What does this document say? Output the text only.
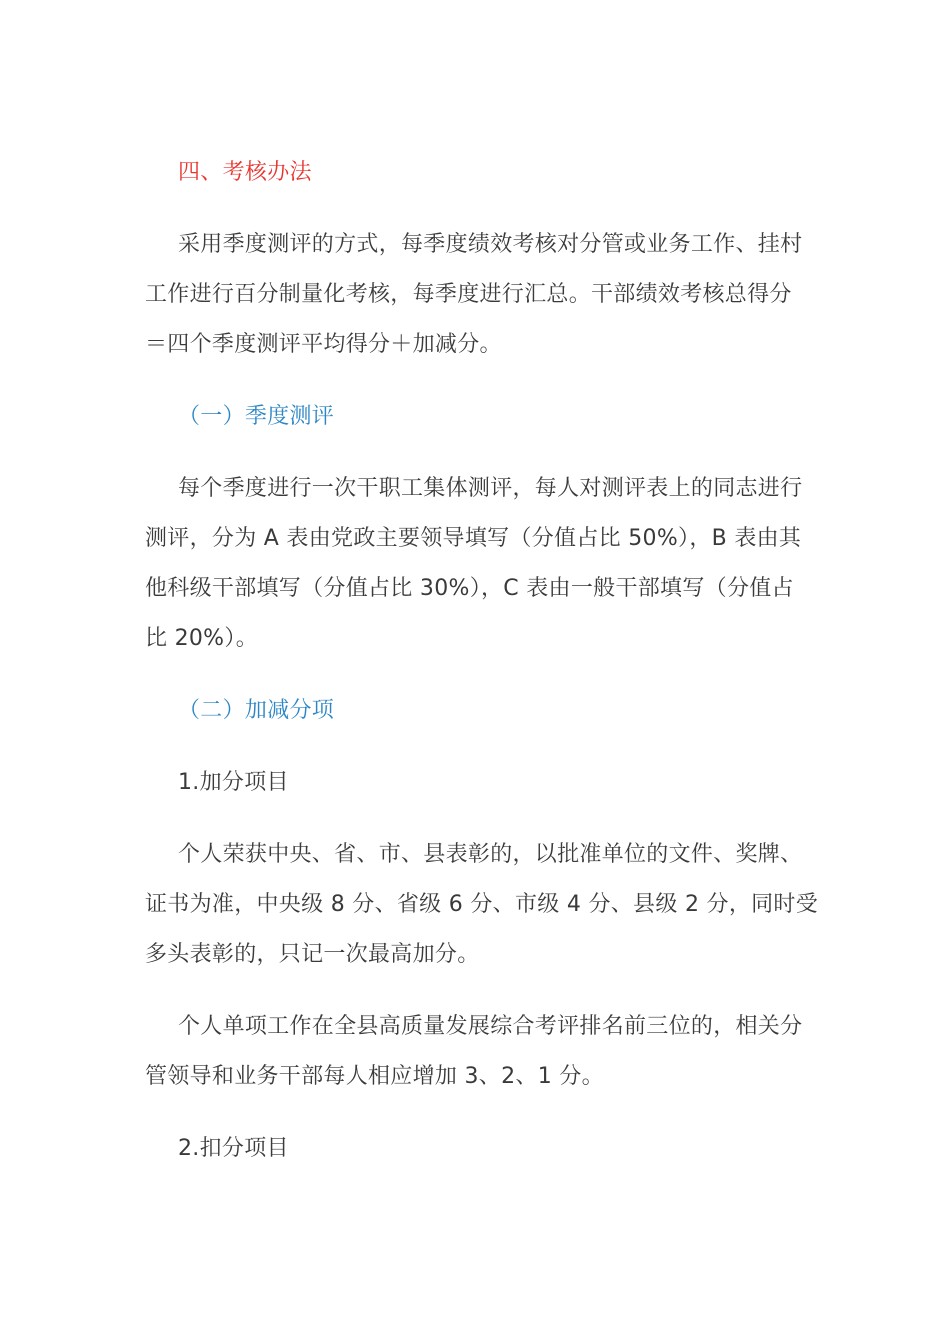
四、考核办法
采用季度测评的方式，每季度绩效考核对分管或业务工作、挂村
工作进行百分制量化考核，每季度进行汇总。干部绩效考核总得分
＝四个季度测评平均得分＋加减分。
（一）季度测评
每个季度进行一次干职工集体测评，每人对测评表上的同志进行
测评，分为 A 表由党政主要领导填写（分值占比 50%），B 表由其
他科级干部填写（分值占比 30%），C 表由一般干部填写（分值占
比 20%）。
（二）加减分项
1.加分项目
个人荣获中央、省、市、县表彰的，以批准单位的文件、奖牌、
证书为准，中央级 8 分、省级 6 分、市级 4 分、县级 2 分，同时受
多头表彰的，只记一次最高加分。
个人单项工作在全县高质量发展综合考评排名前三位的，相关分
管领导和业务干部每人相应增加 3、2、1 分。
2.扣分项目
